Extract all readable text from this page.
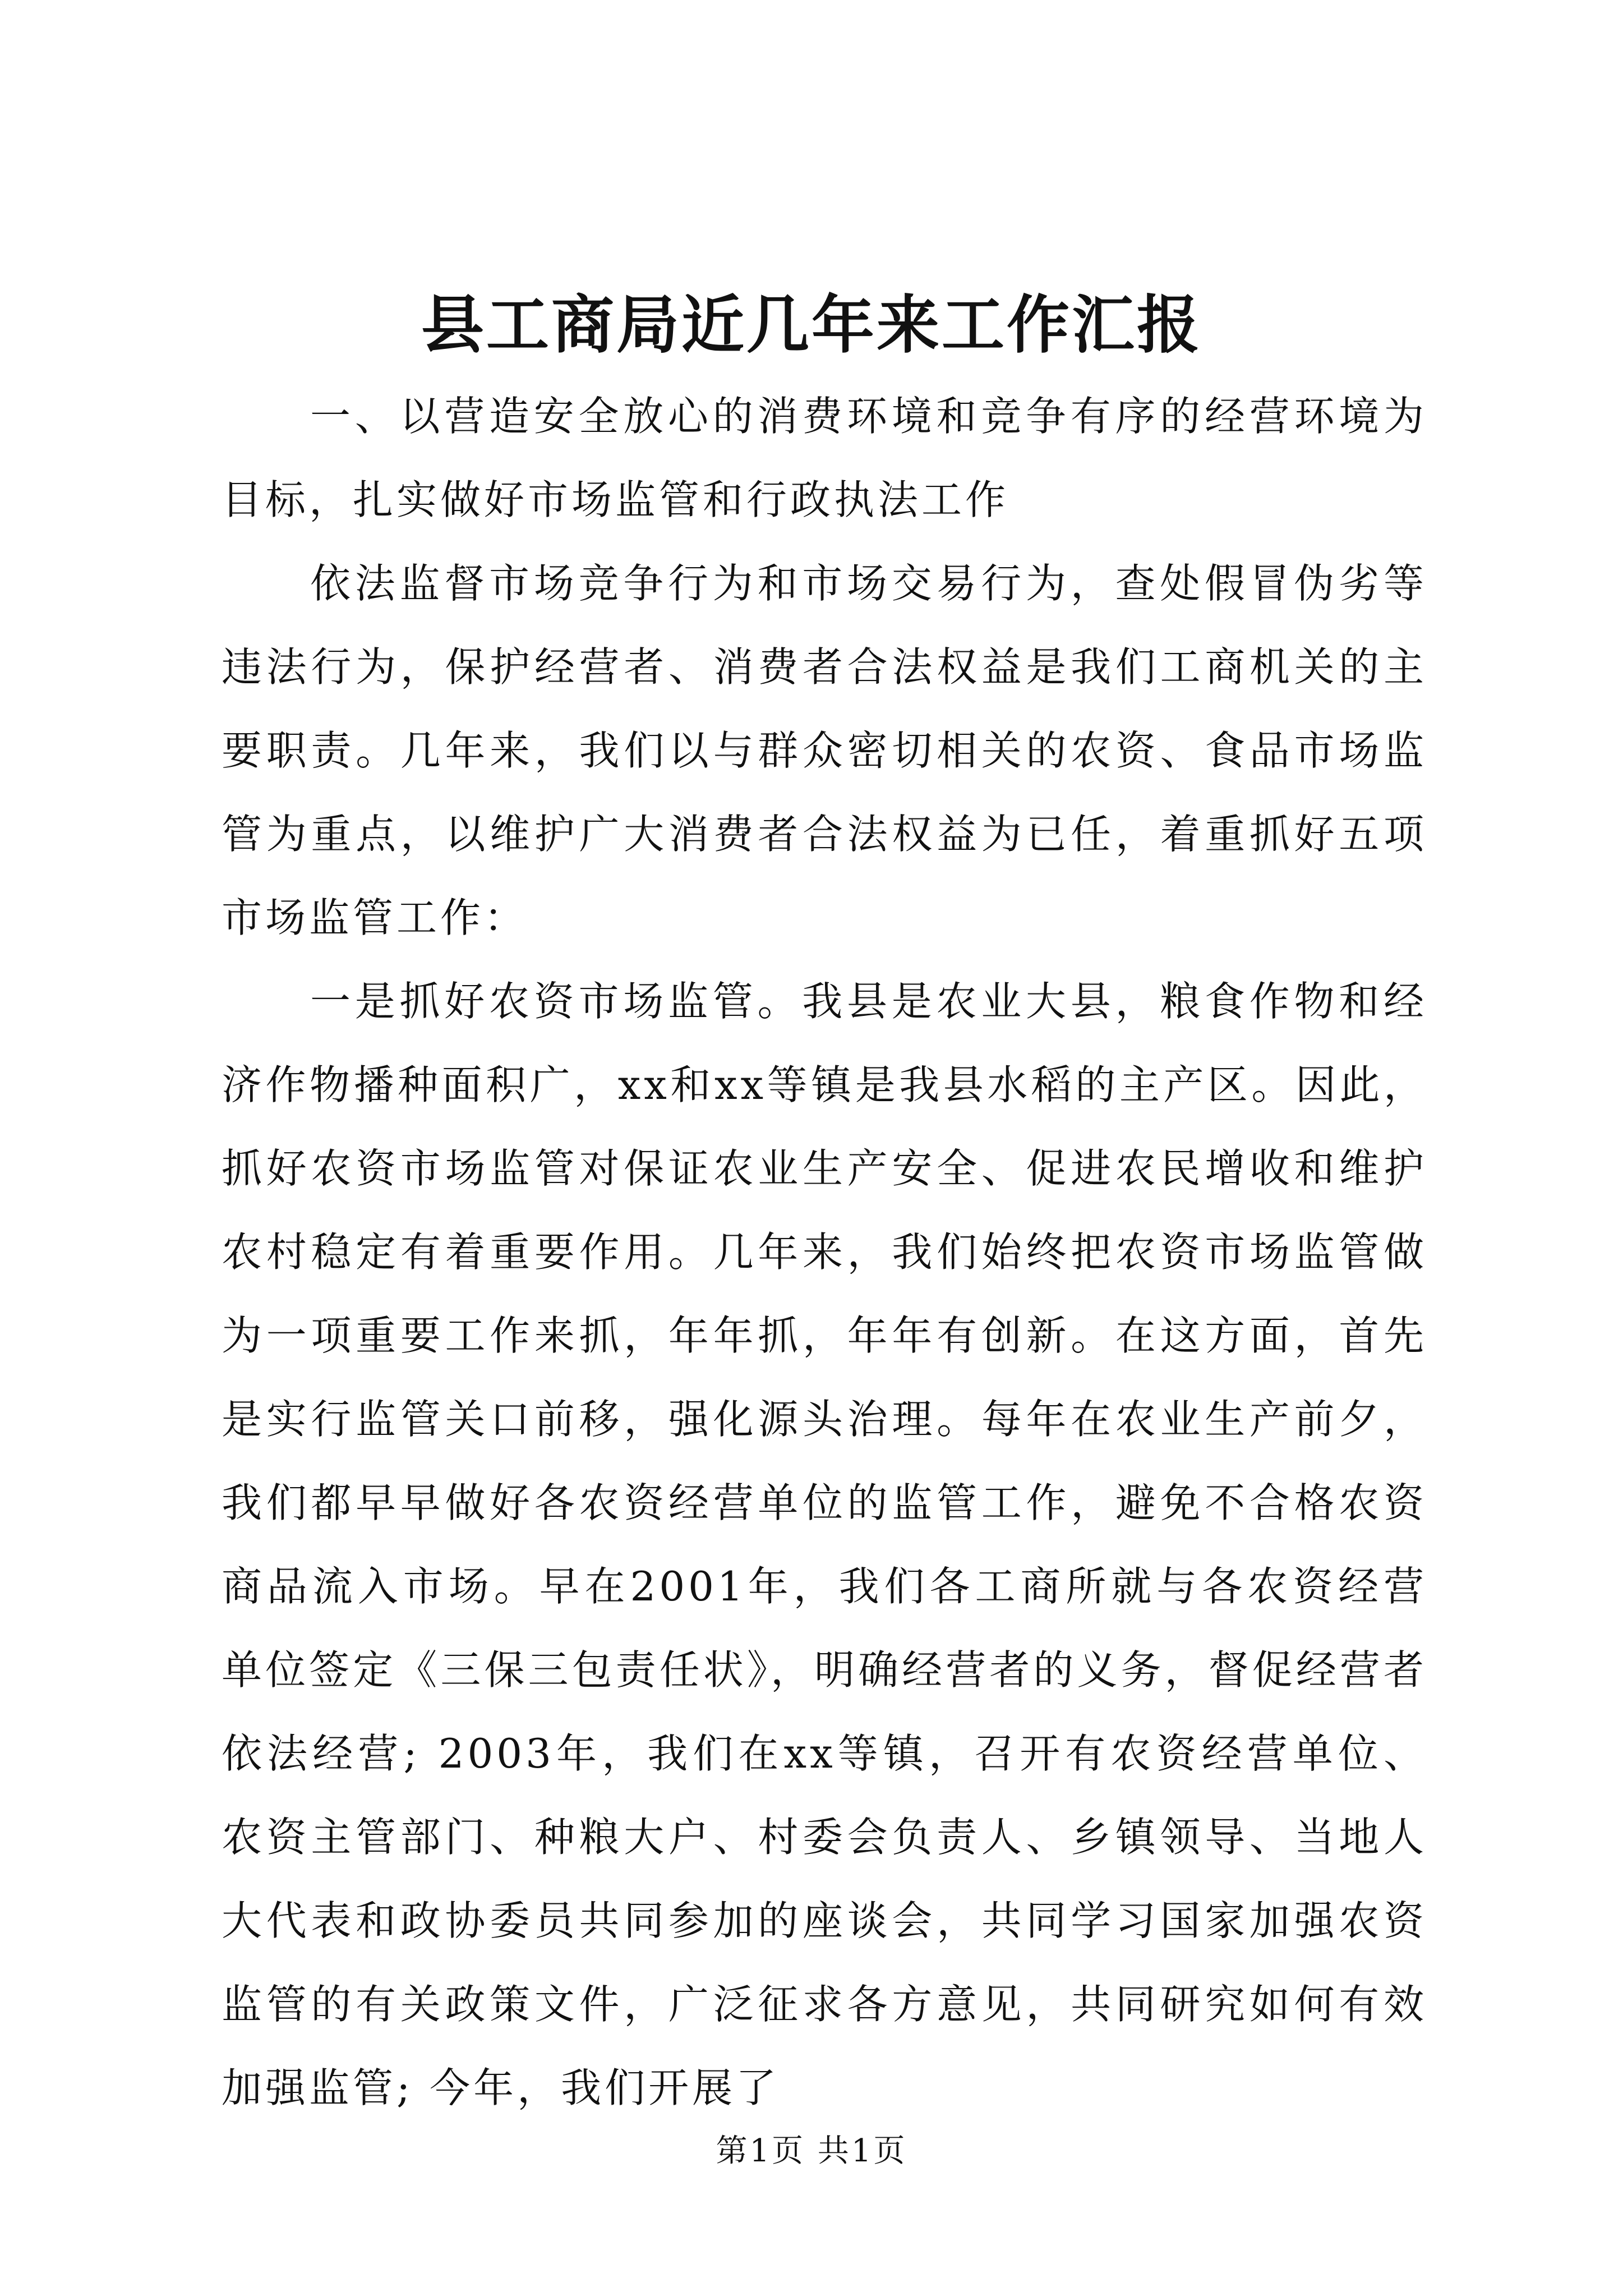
县工商局近几年来工作汇报

一、以营造安全放心的消费环境和竞争有序的经营环境为目标，扎实做好市场监管和行政执法工作

依法监督市场竞争行为和市场交易行为，查处假冒伪劣等违法行为，保护经营者、消费者合法权益是我们工商机关的主要职责。几年来，我们以与群众密切相关的农资、食品市场监管为重点，以维护广大消费者合法权益为已任，着重抓好五项市场监管工作：

一是抓好农资市场监管。我县是农业大县，粮食作物和经济作物播种面积广，xx和xx等镇是我县水稻的主产区。因此，抓好农资市场监管对保证农业生产安全、促进农民增收和维护农村稳定有着重要作用。几年来，我们始终把农资市场监管做为一项重要工作来抓，年年抓，年年有创新。在这方面，首先是实行监管关口前移，强化源头治理。每年在农业生产前夕，我们都早早做好各农资经营单位的监管工作，避免不合格农资商品流入市场。早在2001年，我们各工商所就与各农资经营单位签定《三保三包责任状》，明确经营者的义务，督促经营者依法经营; 2003年，我们在xx等镇，召开有农资经营单位、农资主管部门、种粮大户、村委会负责人、乡镇领导、当地人大代表和政协委员共同参加的座谈会，共同学习国家加强农资监管的有关政策文件，广泛征求各方意见，共同研究如何有效加强监管; 今年，我们开展了

第1页 共1页
